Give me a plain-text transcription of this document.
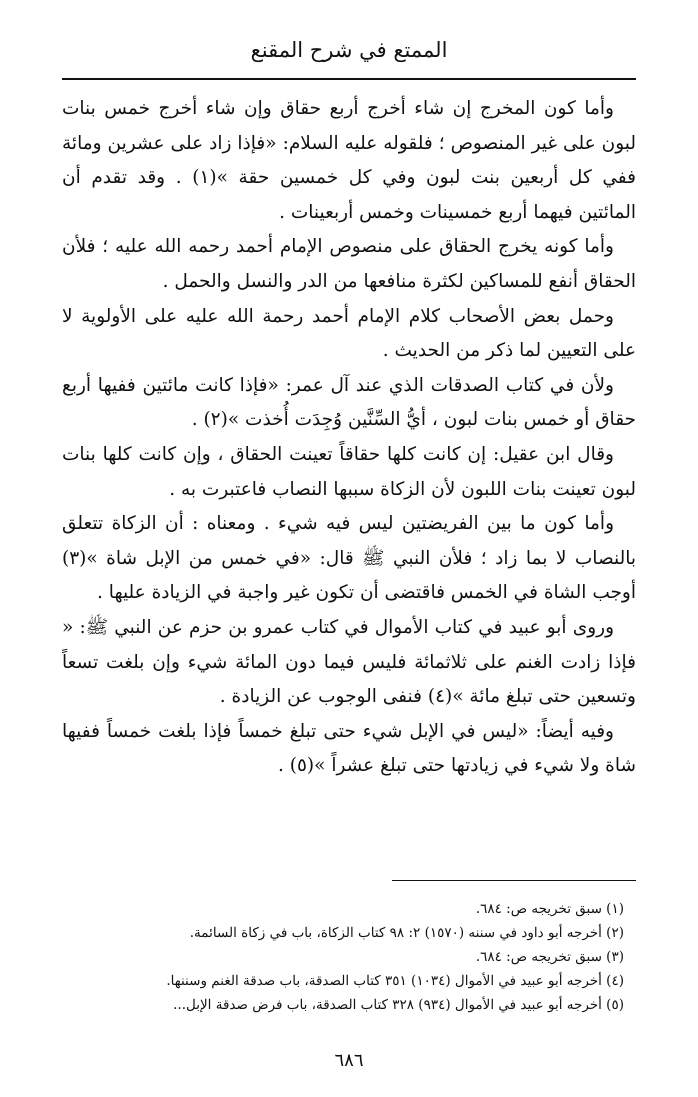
الممتع في شرح المقنع

وأما كون المخرج إن شاء أخرج أربع حقاق وإن شاء أخرج خمس بنات لبون على غير المنصوص ؛ فلقوله عليه السلام: «فإذا زاد على عشرين ومائة ففي كل أربعين بنت لبون وفي كل خمسين حقة »(١) . وقد تقدم أن المائتين فيهما أربع خمسينات وخمس أربعينات .

وأما كونه يخرج الحقاق على منصوص الإمام أحمد رحمه الله عليه ؛ فلأن الحقاق أنفع للمساكين لكثرة منافعها من الدر والنسل والحمل .

وحمل بعض الأصحاب كلام الإمام أحمد رحمة الله عليه على الأولوية لا على التعيين لما ذكر من الحديث .

ولأن في كتاب الصدقات الذي عند آل عمر: «فإذا كانت مائتين ففيها أربع حقاق أو خمس بنات لبون ، أيُّ السِّنَّين وُجِدَت أُخذت »(٢) .

وقال ابن عقيل: إن كانت كلها حقاقاً تعينت الحقاق ، وإن كانت كلها بنات لبون تعينت بنات اللبون لأن الزكاة سببها النصاب فاعتبرت به .

وأما كون ما بين الفريضتين ليس فيه شيء . ومعناه : أن الزكاة تتعلق بالنصاب لا بما زاد ؛ فلأن النبي ﷺ قال: «في خمس من الإبل شاة »(٣) أوجب الشاة في الخمس فاقتضى أن تكون غير واجبة في الزيادة عليها .

وروى أبو عبيد في كتاب الأموال في كتاب عمرو بن حزم عن النبي ﷺ: « فإذا زادت الغنم على ثلاثمائة فليس فيما دون المائة شيء وإن بلغت تسعاً وتسعين حتى تبلغ مائة »(٤) فنفى الوجوب عن الزيادة .

وفيه أيضاً: «ليس في الإبل شيء حتى تبلغ خمساً فإذا بلغت خمساً ففيها شاة ولا شيء في زيادتها حتى تبلغ عشراً »(٥) .

(١) سبق تخريجه ص: ٦٨٤.

(٢) أخرجه أبو داود في سننه (١٥٧٠) ٢: ٩٨ كتاب الزكاة، باب في زكاة السائمة.

(٣) سبق تخريجه ص: ٦٨٤.

(٤) أخرجه أبو عبيد في الأموال (١٠٣٤) ٣٥١ كتاب الصدقة، باب صدقة الغنم وسننها.

(٥) أخرجه أبو عبيد في الأموال (٩٣٤) ٣٢٨ كتاب الصدقة، باب فرض صدقة الإبل...

٦٨٦
